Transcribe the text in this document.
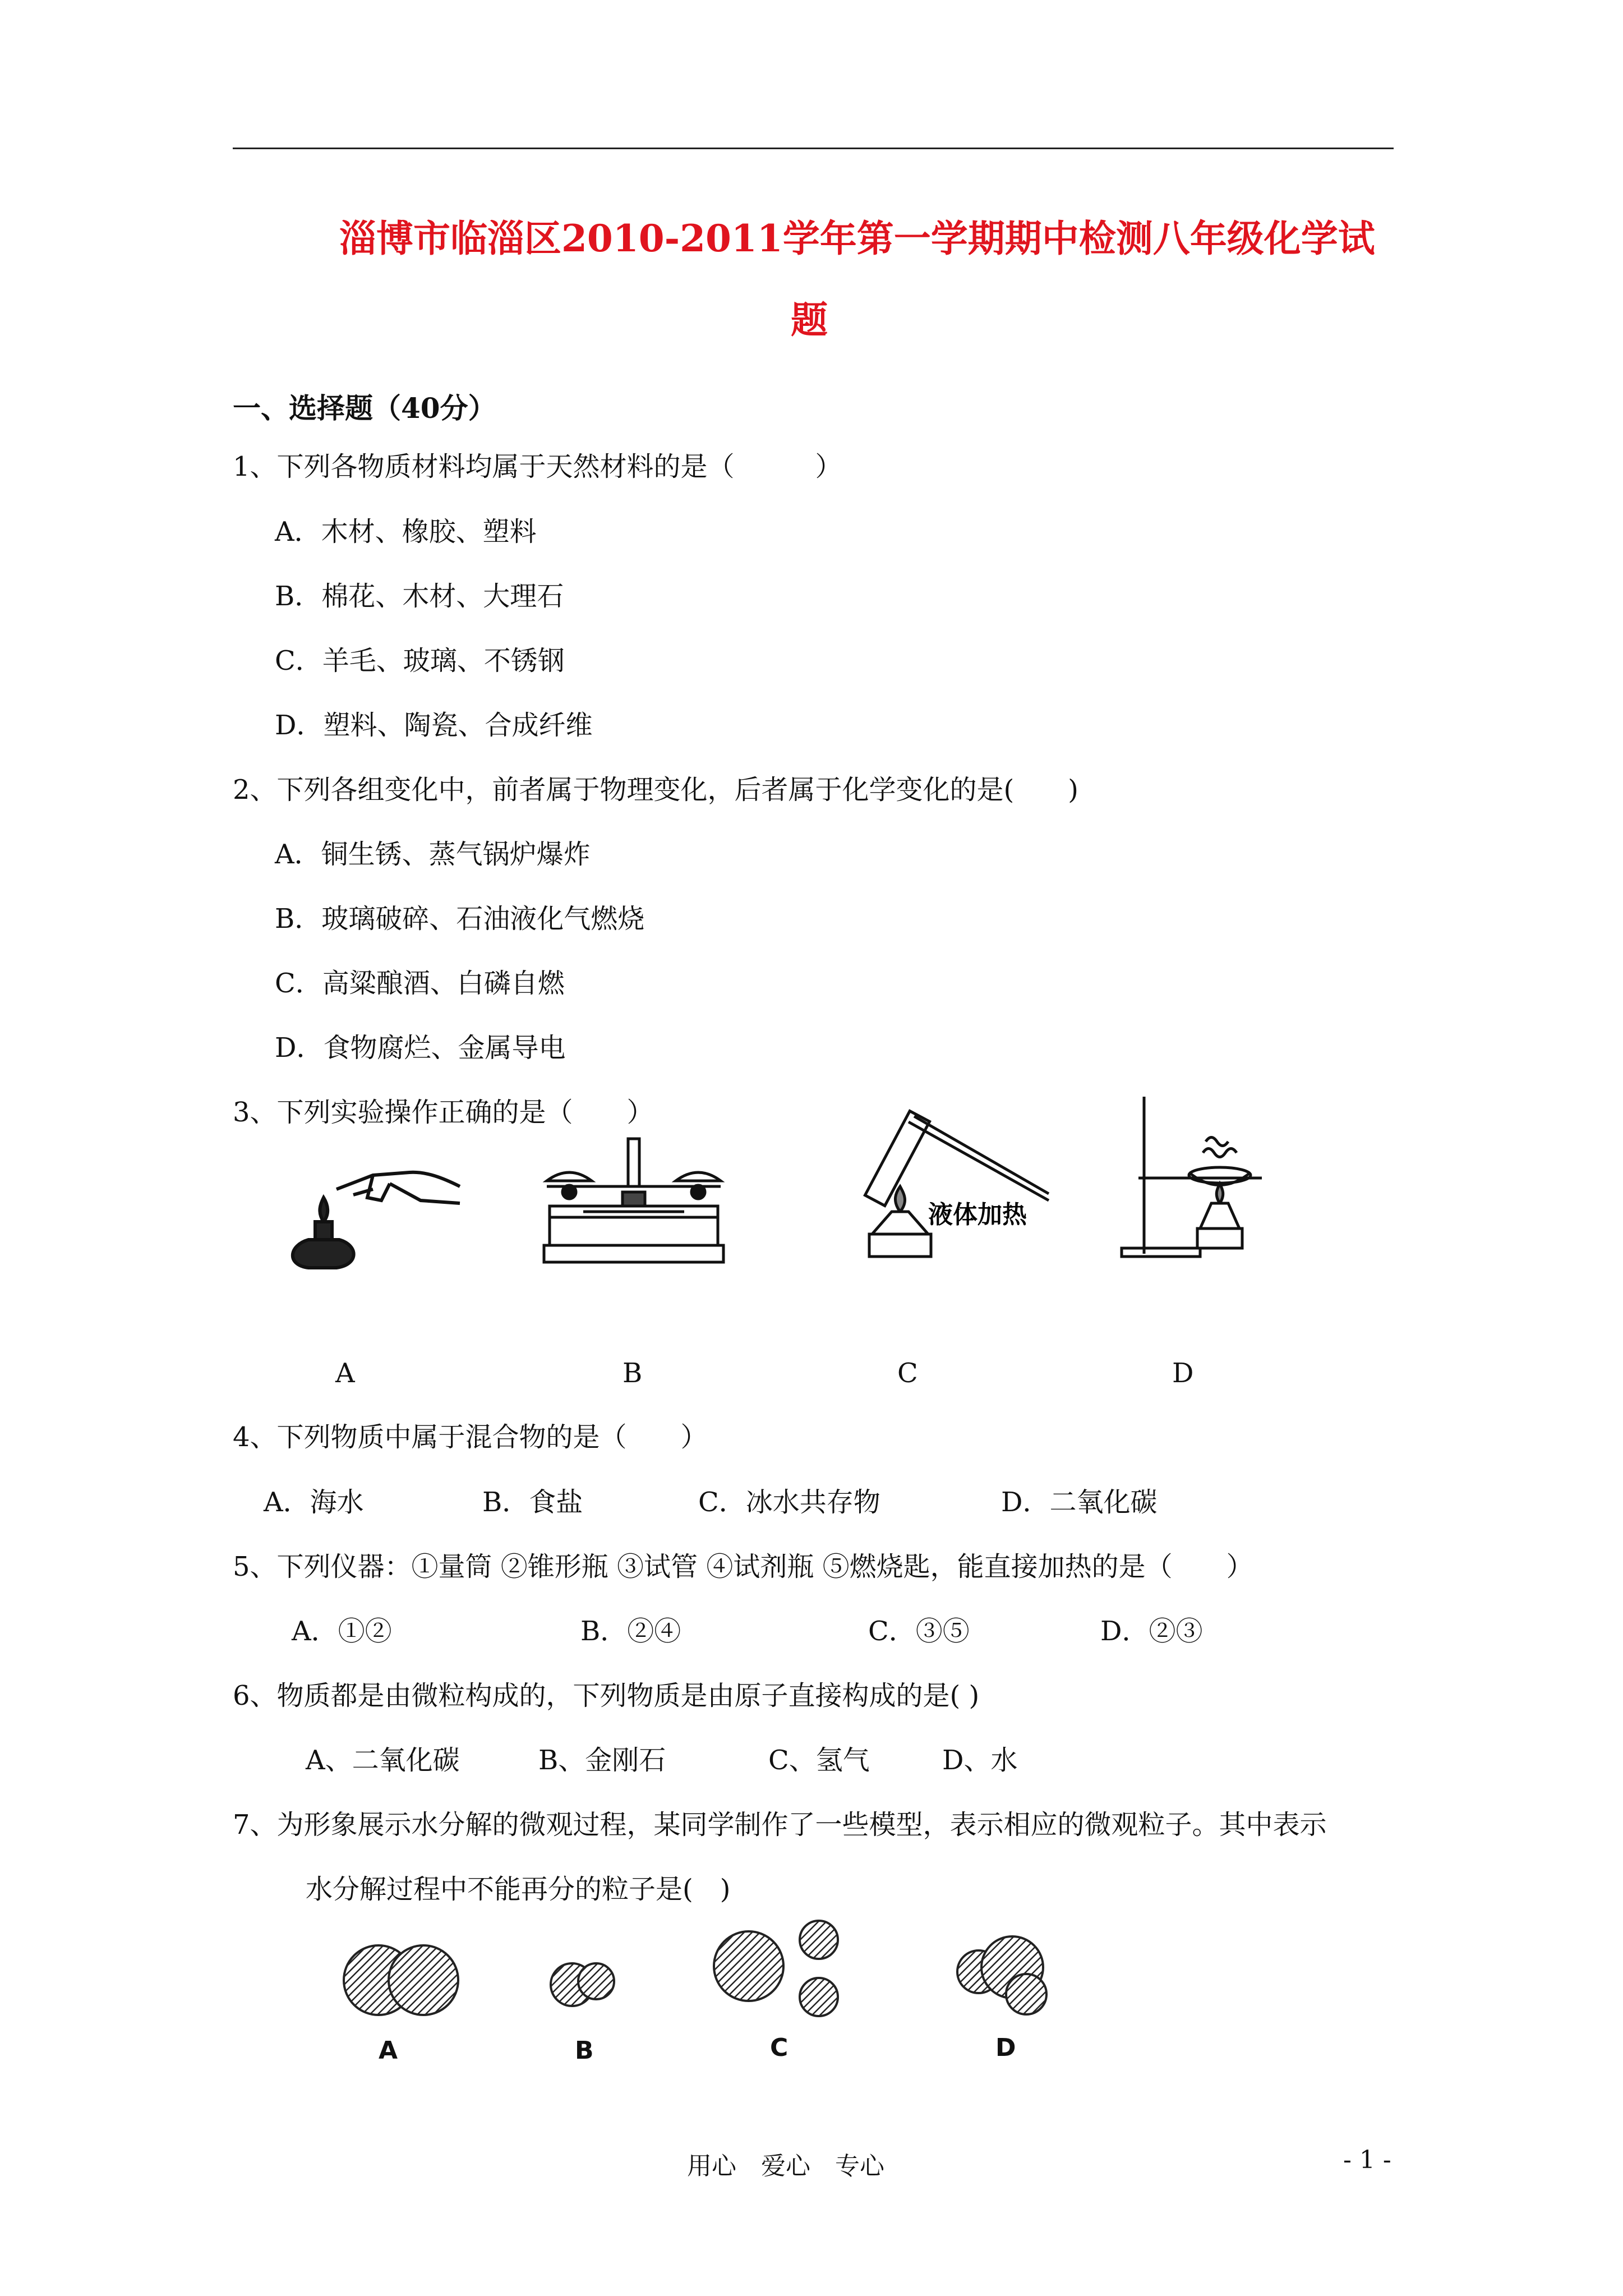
淄博市临淄区2010-2011学年第一学期期中检测八年级化学试
题
一、选择题（40分）
1、下列各物质材料均属于天然材料的是（　　　）
A．木材、橡胶、塑料
B．棉花、木材、大理石
C．羊毛、玻璃、不锈钢
D．塑料、陶瓷、合成纤维
2、下列各组变化中，前者属于物理变化，后者属于化学变化的是(　　)
A．铜生锈、蒸气锅炉爆炸
B．玻璃破碎、石油液化气燃烧
C．高粱酿酒、白磷自燃
D．食物腐烂、金属导电
3、下列实验操作正确的是（　　）
液体加热
A	B	C	D
4、下列物质中属于混合物的是（　　）
A．海水	B．食盐	C．冰水共存物	D．二氧化碳
5、下列仪器：①量筒 ②锥形瓶 ③试管 ④试剂瓶 ⑤燃烧匙，能直接加热的是（　　）
A．①②	B．②④	C．③⑤	D．②③
6、物质都是由微粒构成的，下列物质是由原子直接构成的是( )
A、二氧化碳	B、金刚石	C、氢气	D、水
7、为形象展示水分解的微观过程，某同学制作了一些模型，表示相应的微观粒子。其中表示
水分解过程中不能再分的粒子是(　)
A	B	C	D
用心　爱心　专心	- 1 -
